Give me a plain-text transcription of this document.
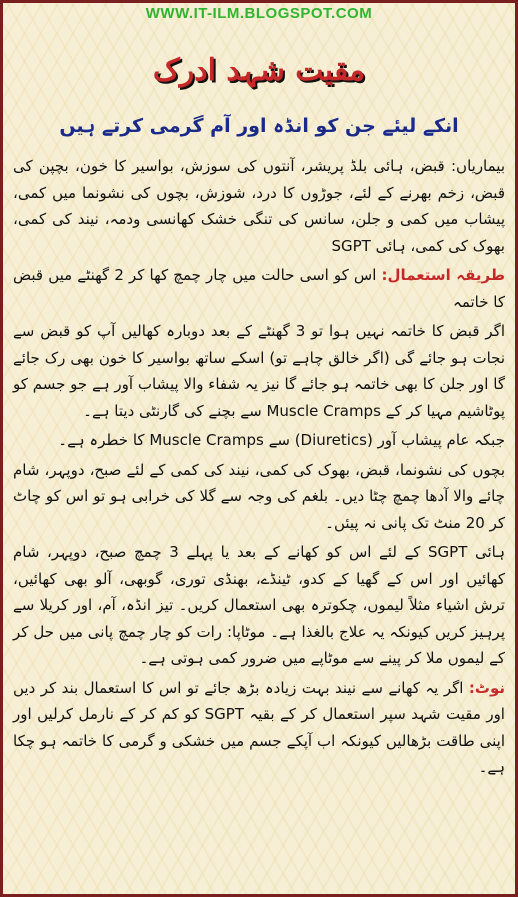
WWW.IT-ILM.BLOGSPOT.COM
مقیت شہد ادرک
انکے لیئے جن کو انڈہ اور آم گرمی کرتے ہیں

بیماریاں: قبض، ہائی بلڈ پریشر، آنتوں کی سوزش، بواسیر کا خون، بچپن کی قبض، زخم بھرنے کے لئے، جوڑوں کا درد، شوزش، بچوں کی نشونما میں کمی، پیشاب میں کمی و جلن، سانس کی تنگی خشک کھانسی ودمہ، نیند کی کمی، بھوک کی کمی، ہائی SGPT

طریقہ استعمال: اس کو اسی حالت میں چار چمچ کھا کر 2 گھنٹے میں قبض کا خاتمہ

اگر قبض کا خاتمہ نہیں ہوا تو 3 گھنٹے کے بعد دوبارہ کھالیں آپ کو قبض سے نجات ہو جائے گی (اگر خالق چاہے تو) اسکے ساتھ بواسیر کا خون بھی رک جائے گا اور جلن کا بھی خاتمہ ہو جائے گا نیز یہ شفاء والا پیشاب آور ہے جو جسم کو پوٹاشیم مہیا کر کے Muscle Cramps سے بچنے کی گارنٹی دیتا ہے۔

جبکہ عام پیشاب آور (Diuretics) سے Muscle Cramps کا خطرہ ہے۔

بچوں کی نشونما، قبض، بھوک کی کمی، نیند کی کمی کے لئے صبح، دوپہر، شام چائے والا آدھا چمچ چٹا دیں۔ بلغم کی وجہ سے گلا کی خرابی ہو تو اس کو چاٹ کر 20 منٹ تک پانی نہ پیئں۔

ہائی SGPT کے لئے اس کو کھانے کے بعد یا پہلے 3 چمچ صبح، دوپہر، شام کھائیں اور اس کے گھیا کے کدو، ٹینڈے، بھنڈی توری، گوبھی، آلو بھی کھائیں، ترش اشیاء مثلاً لیموں، چکوترہ بھی استعمال کریں۔ تیز انڈہ، آم، اور کریلا سے پرہیز کریں کیونکہ یہ علاج بالغذا ہے۔ موٹاپا: رات کو چار چمچ پانی میں حل کر کے لیموں ملا کر پینے سے موٹاپے میں ضرور کمی ہوتی ہے۔

نوٹ: اگر یہ کھانے سے نیند بہت زیادہ بڑھ جائے تو اس کا استعمال بند کر دیں اور مقیت شہد سپر استعمال کر کے بقیہ SGPT کو کم کر کے نارمل کرلیں اور اپنی طاقت بڑھالیں کیونکہ اب آپکے جسم میں خشکی و گرمی کا خاتمہ ہو چکا ہے۔
